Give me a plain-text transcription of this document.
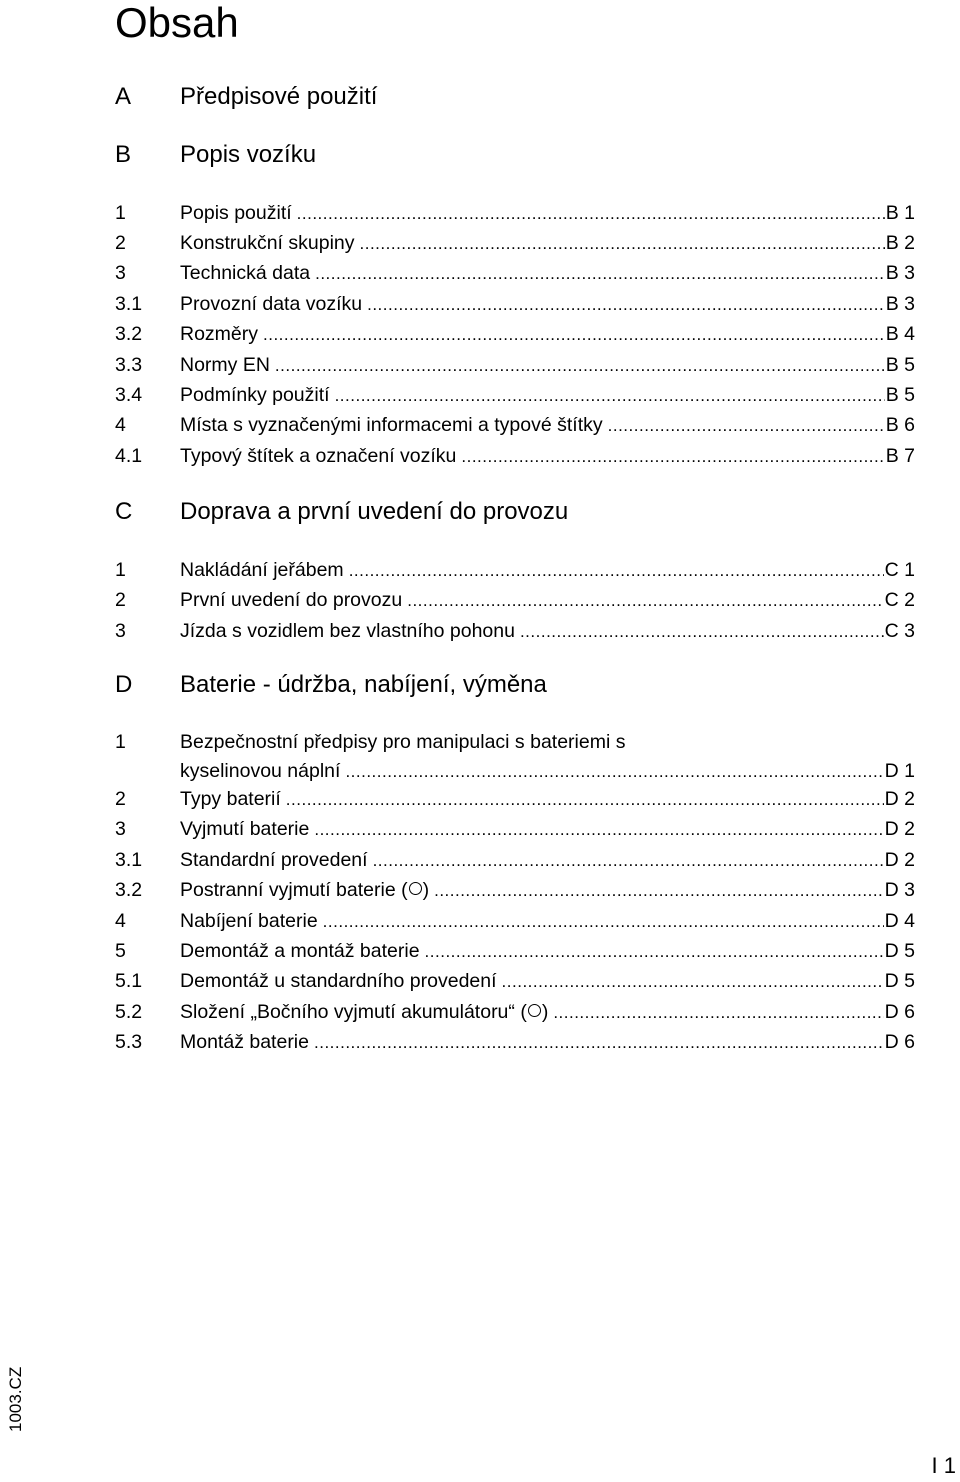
Obsah
A Předpisové použití
B Popis vozíku
1	Popis použití .....	B 1
2	Konstrukční skupiny .....	B 2
3	Technická data .....	B 3
3.1 Provozní data vozíku .....	B 3
3.2 Rozměry .....	B 4
3.3 Normy EN .....	B 5
3.4 Podmínky použití .....	B 5
4	Místa s vyznačenými informacemi a typové štítky .....	B 6
4.1 Typový štítek a označení vozíku .....	B 7
C Doprava a první uvedení do provozu
1	Nakládání jeřábem .....	C 1
2	První uvedení do provozu .....	C 2
3	Jízda s vozidlem bez vlastního pohonu .....	C 3
D Baterie - údržba, nabíjení, výměna
1	Bezpečnostní předpisy pro manipulaci s bateriemi s
kyselinovou náplní .....	D 1
2	Typy baterií .....	D 2
3	Vyjmutí baterie .....	D 2
3.1 Standardní provedení .....	D 2
3.2 Postranní vyjmutí baterie ( ) .....	D 3
4	Nabíjení baterie .....	D 4
5	Demontáž a montáž baterie .....	D 5
5.1 Demontáž u standardního provedení .....	D 5
5.2 Složení „Bočního vyjmutí akumulátoru“ ( ) .....	D 6
5.3 Montáž baterie .....	D 6
1003.CZ
I 1
